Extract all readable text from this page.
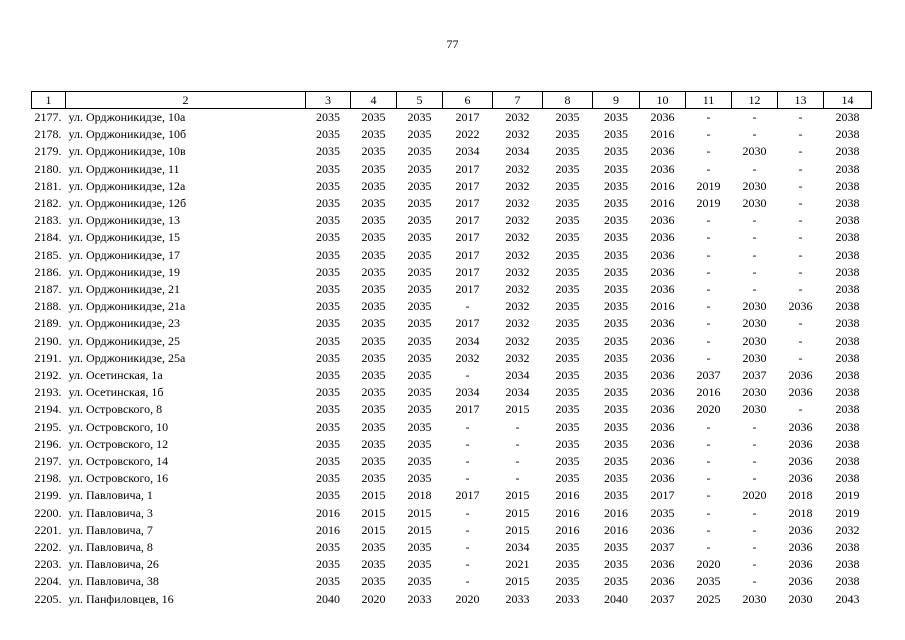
77
1	2	3	4	5	6	7	8	9	10	11	12	13	14
2177.	ул. Орджоникидзе, 10а	2035	2035	2035	2017	2032	2035	2035	2036	-	-	-	2038
2178.	ул. Орджоникидзе, 10б	2035	2035	2035	2022	2032	2035	2035	2016	-	-	-	2038
2179.	ул. Орджоникидзе, 10в	2035	2035	2035	2034	2034	2035	2035	2036	-	2030	-	2038
2180.	ул. Орджоникидзе, 11	2035	2035	2035	2017	2032	2035	2035	2036	-	-	-	2038
2181.	ул. Орджоникидзе, 12а	2035	2035	2035	2017	2032	2035	2035	2016	2019	2030	-	2038
2182.	ул. Орджоникидзе, 12б	2035	2035	2035	2017	2032	2035	2035	2016	2019	2030	-	2038
2183.	ул. Орджоникидзе, 13	2035	2035	2035	2017	2032	2035	2035	2036	-	-	-	2038
2184.	ул. Орджоникидзе, 15	2035	2035	2035	2017	2032	2035	2035	2036	-	-	-	2038
2185.	ул. Орджоникидзе, 17	2035	2035	2035	2017	2032	2035	2035	2036	-	-	-	2038
2186.	ул. Орджоникидзе, 19	2035	2035	2035	2017	2032	2035	2035	2036	-	-	-	2038
2187.	ул. Орджоникидзе, 21	2035	2035	2035	2017	2032	2035	2035	2036	-	-	-	2038
2188.	ул. Орджоникидзе, 21а	2035	2035	2035	-	2032	2035	2035	2016	-	2030	2036	2038
2189.	ул. Орджоникидзе, 23	2035	2035	2035	2017	2032	2035	2035	2036	-	2030	-	2038
2190.	ул. Орджоникидзе, 25	2035	2035	2035	2034	2032	2035	2035	2036	-	2030	-	2038
2191.	ул. Орджоникидзе, 25а	2035	2035	2035	2032	2032	2035	2035	2036	-	2030	-	2038
2192.	ул. Осетинская, 1а	2035	2035	2035	-	2034	2035	2035	2036	2037	2037	2036	2038
2193.	ул. Осетинская, 1б	2035	2035	2035	2034	2034	2035	2035	2036	2016	2030	2036	2038
2194.	ул. Островского, 8	2035	2035	2035	2017	2015	2035	2035	2036	2020	2030	-	2038
2195.	ул. Островского, 10	2035	2035	2035	-	-	2035	2035	2036	-	-	2036	2038
2196.	ул. Островского, 12	2035	2035	2035	-	-	2035	2035	2036	-	-	2036	2038
2197.	ул. Островского, 14	2035	2035	2035	-	-	2035	2035	2036	-	-	2036	2038
2198.	ул. Островского, 16	2035	2035	2035	-	-	2035	2035	2036	-	-	2036	2038
2199.	ул. Павловича, 1	2035	2015	2018	2017	2015	2016	2035	2017	-	2020	2018	2019
2200.	ул. Павловича, 3	2016	2015	2015	-	2015	2016	2016	2035	-	-	2018	2019
2201.	ул. Павловича, 7	2016	2015	2015	-	2015	2016	2016	2036	-	-	2036	2032
2202.	ул. Павловича, 8	2035	2035	2035	-	2034	2035	2035	2037	-	-	2036	2038
2203.	ул. Павловича, 26	2035	2035	2035	-	2021	2035	2035	2036	2020	-	2036	2038
2204.	ул. Павловича, 38	2035	2035	2035	-	2015	2035	2035	2036	2035	-	2036	2038
2205.	ул. Панфиловцев, 16	2040	2020	2033	2020	2033	2033	2040	2037	2025	2030	2030	2043
